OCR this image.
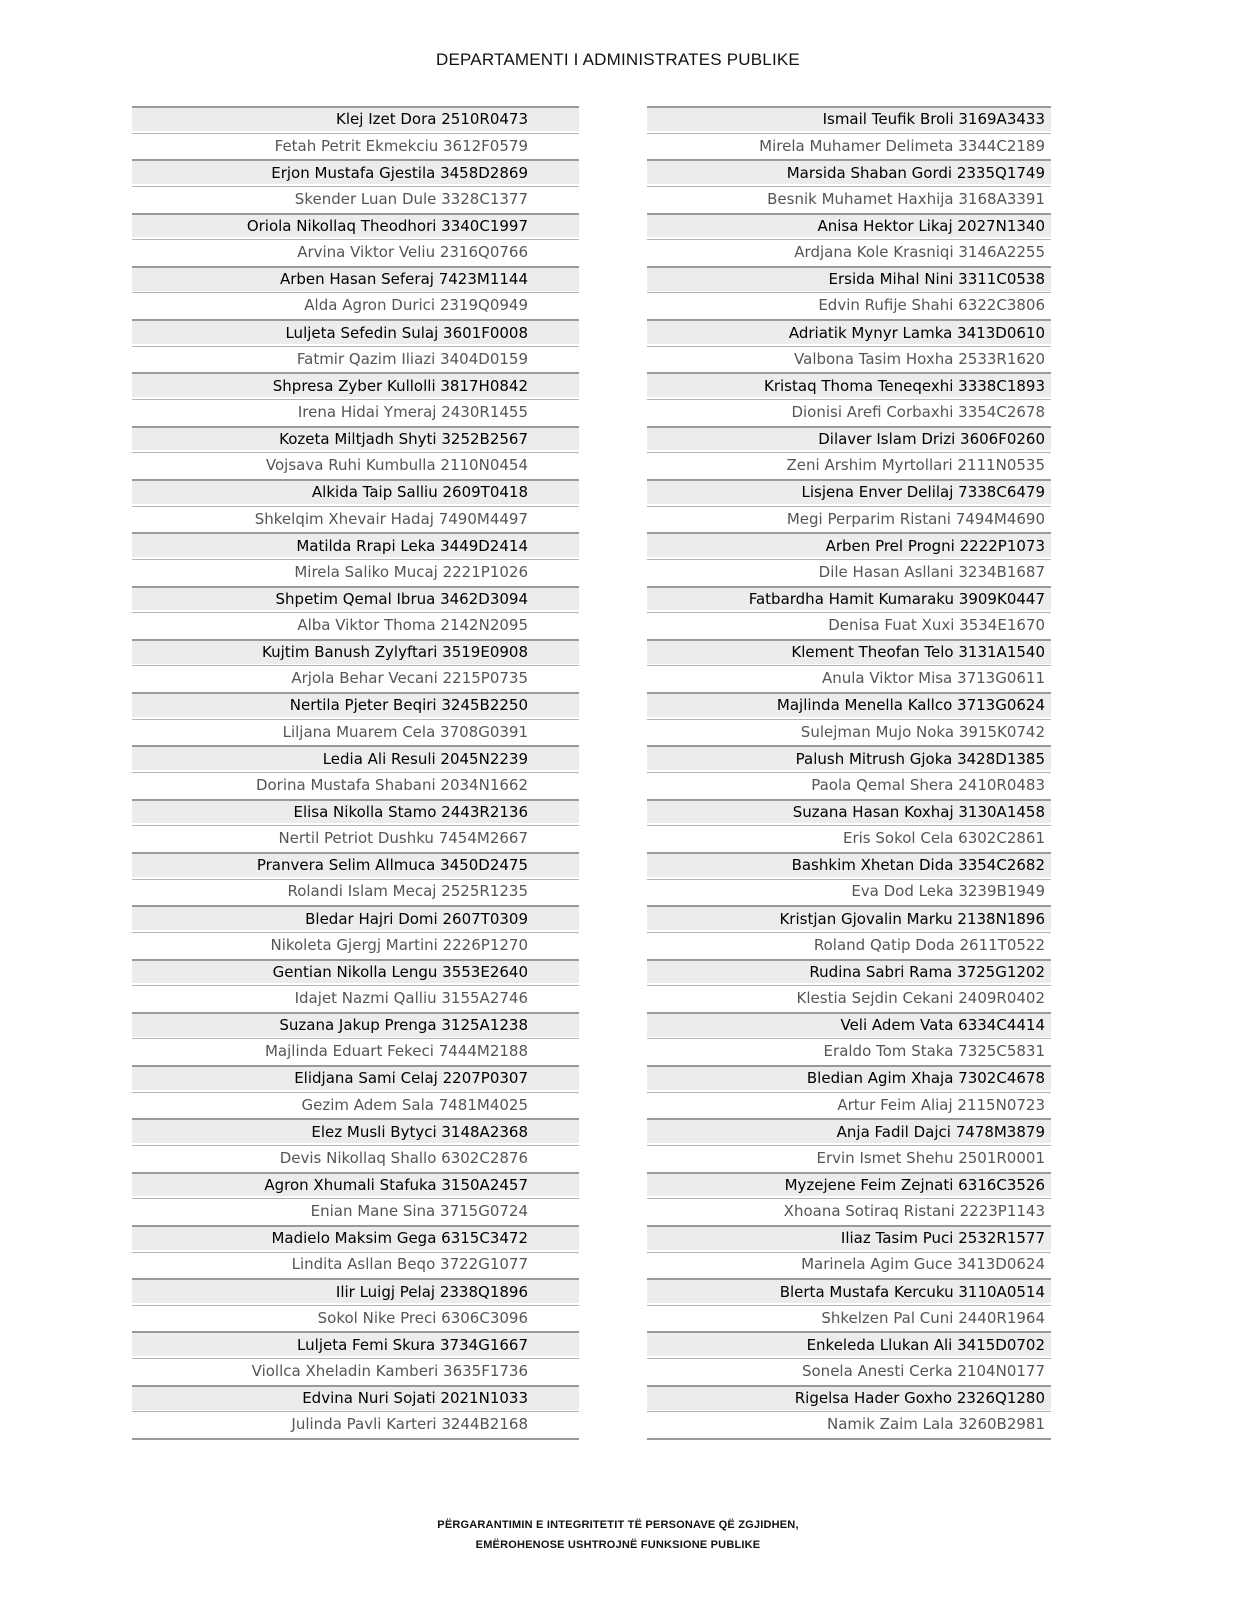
DEPARTAMENTI I ADMINISTRATES PUBLIKE
Klej Izet Dora 2510R0473
Fetah Petrit Ekmekciu 3612F0579
Erjon Mustafa Gjestila 3458D2869
Skender Luan Dule 3328C1377
Oriola Nikollaq Theodhori 3340C1997
Arvina Viktor Veliu 2316Q0766
Arben Hasan Seferaj 7423M1144
Alda Agron Durici 2319Q0949
Luljeta Sefedin Sulaj 3601F0008
Fatmir Qazim Iliazi 3404D0159
Shpresa Zyber Kullolli 3817H0842
Irena Hidai Ymeraj 2430R1455
Kozeta Miltjadh Shyti 3252B2567
Vojsava Ruhi Kumbulla 2110N0454
Alkida Taip Salliu 2609T0418
Shkelqim Xhevair Hadaj 7490M4497
Matilda Rrapi Leka 3449D2414
Mirela Saliko Mucaj 2221P1026
Shpetim Qemal Ibrua 3462D3094
Alba Viktor Thoma 2142N2095
Kujtim Banush Zylyftari 3519E0908
Arjola Behar Vecani 2215P0735
Nertila Pjeter Beqiri 3245B2250
Liljana Muarem Cela 3708G0391
Ledia Ali Resuli 2045N2239
Dorina Mustafa Shabani 2034N1662
Elisa Nikolla Stamo 2443R2136
Nertil Petriot Dushku 7454M2667
Pranvera Selim Allmuca 3450D2475
Rolandi Islam Mecaj 2525R1235
Bledar Hajri Domi 2607T0309
Nikoleta Gjergj Martini 2226P1270
Gentian Nikolla Lengu 3553E2640
Idajet Nazmi Qalliu 3155A2746
Suzana Jakup Prenga 3125A1238
Majlinda Eduart Fekeci 7444M2188
Elidjana Sami Celaj 2207P0307
Gezim Adem Sala 7481M4025
Elez Musli Bytyci 3148A2368
Devis Nikollaq Shallo 6302C2876
Agron Xhumali Stafuka 3150A2457
Enian Mane Sina 3715G0724
Madielo Maksim Gega 6315C3472
Lindita Asllan Beqo 3722G1077
Ilir Luigj Pelaj 2338Q1896
Sokol Nike Preci 6306C3096
Luljeta Femi Skura 3734G1667
Viollca Xheladin Kamberi 3635F1736
Edvina Nuri Sojati 2021N1033
Julinda Pavli Karteri 3244B2168
Ismail Teufik Broli 3169A3433
Mirela Muhamer Delimeta 3344C2189
Marsida Shaban Gordi 2335Q1749
Besnik Muhamet Haxhija 3168A3391
Anisa Hektor Likaj 2027N1340
Ardjana Kole Krasniqi 3146A2255
Ersida Mihal Nini 3311C0538
Edvin Rufije Shahi 6322C3806
Adriatik Mynyr Lamka 3413D0610
Valbona Tasim Hoxha 2533R1620
Kristaq Thoma Teneqexhi 3338C1893
Dionisi Arefi Corbaxhi 3354C2678
Dilaver Islam Drizi 3606F0260
Zeni Arshim Myrtollari 2111N0535
Lisjena Enver Delilaj 7338C6479
Megi Perparim Ristani 7494M4690
Arben Prel Progni 2222P1073
Dile Hasan Asllani 3234B1687
Fatbardha Hamit Kumaraku 3909K0447
Denisa Fuat Xuxi 3534E1670
Klement Theofan Telo 3131A1540
Anula Viktor Misa 3713G0611
Majlinda Menella Kallco 3713G0624
Sulejman Mujo Noka 3915K0742
Palush Mitrush Gjoka 3428D1385
Paola Qemal Shera 2410R0483
Suzana Hasan Koxhaj 3130A1458
Eris Sokol Cela 6302C2861
Bashkim Xhetan Dida 3354C2682
Eva Dod Leka 3239B1949
Kristjan Gjovalin Marku 2138N1896
Roland Qatip Doda 2611T0522
Rudina Sabri Rama 3725G1202
Klestia Sejdin Cekani 2409R0402
Veli Adem Vata 6334C4414
Eraldo Tom Staka 7325C5831
Bledian Agim Xhaja 7302C4678
Artur Feim Aliaj 2115N0723
Anja Fadil Dajci 7478M3879
Ervin Ismet Shehu 2501R0001
Myzejene Feim Zejnati 6316C3526
Xhoana Sotiraq Ristani 2223P1143
Iliaz Tasim Puci 2532R1577
Marinela Agim Guce 3413D0624
Blerta Mustafa Kercuku 3110A0514
Shkelzen Pal Cuni 2440R1964
Enkeleda Llukan Ali 3415D0702
Sonela Anesti Cerka 2104N0177
Rigelsa Hader Goxho 2326Q1280
Namik Zaim Lala 3260B2981
PËRGARANTIMIN E INTEGRITETIT TË PERSONAVE QË ZGJIDHEN,
EMËROHENOSE USHTROJNË FUNKSIONE PUBLIKE
